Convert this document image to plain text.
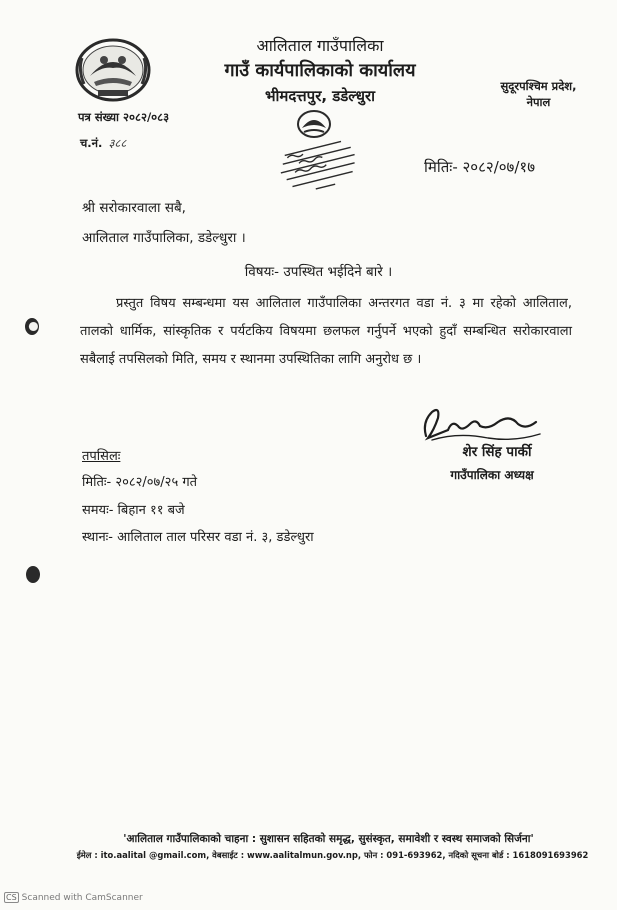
आलिताल गाउँपालिका
गाउँ कार्यपालिकाको कार्यालय
भीमदत्तपुर, डडेल्धुरा
सुदूरपश्चिम प्रदेश,
नेपाल
पत्र संख्या २०८२/०८३
च.नं. ३८८
मितिः- २०८२/०७/१७
श्री सरोकारवाला सबै,
आलिताल गाउँपालिका, डडेल्धुरा ।
विषयः- उपस्थित भईदिने बारे ।
प्रस्तुत विषय सम्बन्धमा यस आलिताल गाउँपालिका अन्तरगत वडा नं. ३ मा रहेको आलिताल, तालको धार्मिक, सांस्कृतिक र पर्यटकिय विषयमा छलफल गर्नुपर्ने भएको हुदाँ सम्बन्धित सरोकारवाला सबैलाई तपसिलको मिति, समय र स्थानमा उपस्थितिका लागि अनुरोध छ ।
शेर सिंह पार्की
गाउँपालिका अध्यक्ष
तपसिलः
मितिः- २०८२/०७/२५ गते
समयः- बिहान ११ बजे
स्थानः- आलिताल ताल परिसर वडा नं. ३, डडेल्धुरा
'आलिताल गाउँपालिकाको चाहना : सुशासन सहितको समृद्ध, सुसंस्कृत, समावेशी र स्वस्थ समाजको सिर्जना'
ईमेल : ito.aalital @gmail.com, वेबसाईट : www.aalitalmun.gov.np, फोन : 091-693962, नदिको सूचना बोर्ड : 1618091693962
CS Scanned with CamScanner
